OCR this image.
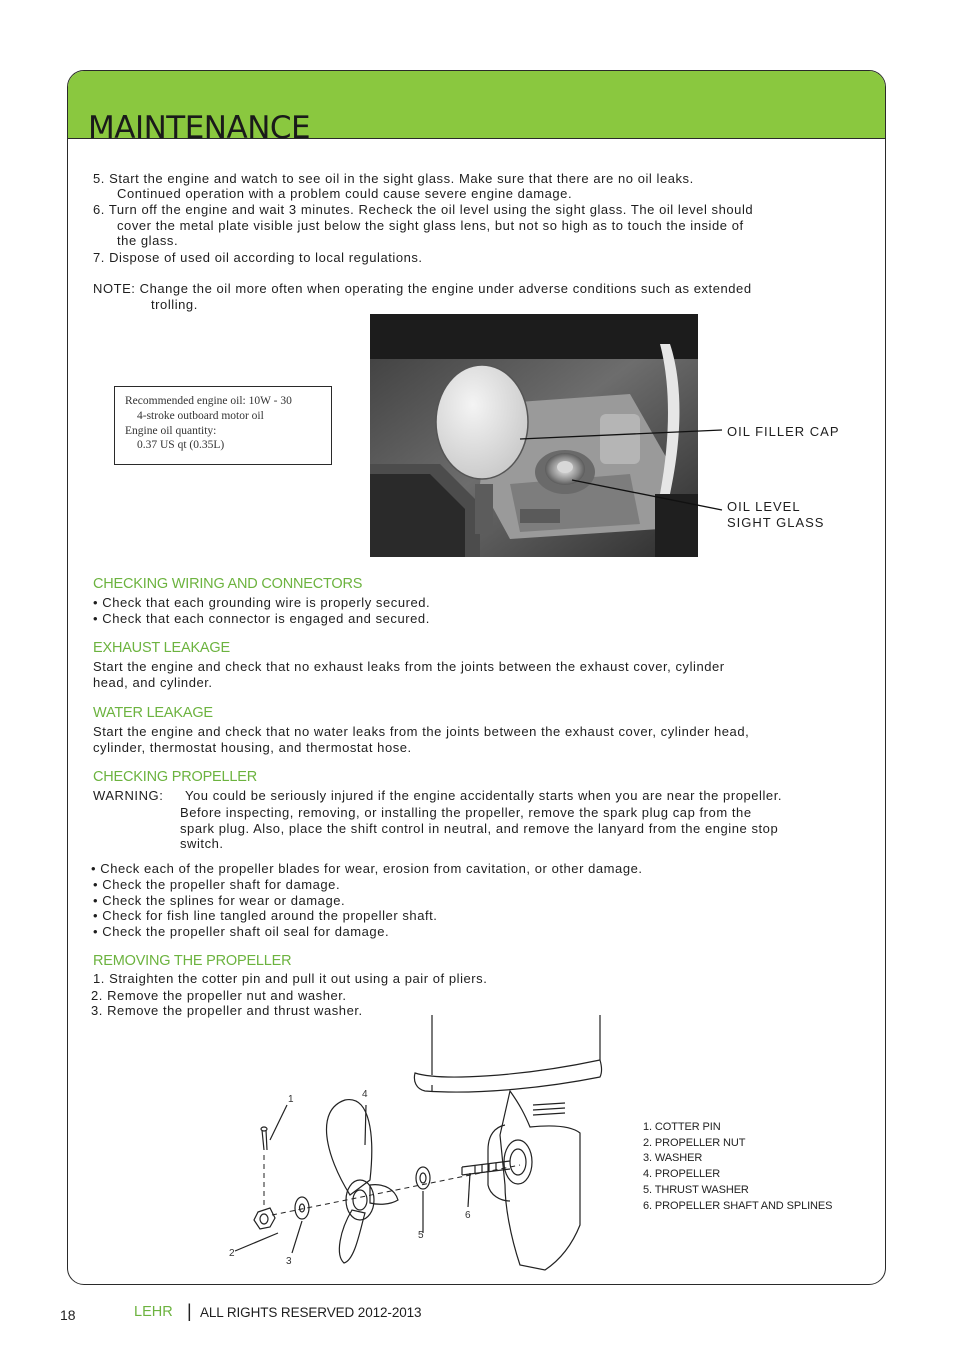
MAINTENANCE

5. Start the engine and watch to see oil in the sight glass. Make sure that there are no oil leaks.

Continued operation with a problem could cause severe engine damage.

6. Turn off the engine and wait 3 minutes. Recheck the oil level using the sight glass. The oil level should

cover the metal plate visible just below the sight glass lens, but not so high as to touch the inside of

the glass.

7. Dispose of used oil according to local regulations.

NOTE: Change the oil more often when operating the engine under adverse conditions such as extended

trolling.

Recommended engine oil: 10W - 30
4-stroke outboard motor oil
Engine oil quantity:
0.37 US qt (0.35L)
OIL FILLER CAP
OIL LEVEL
SIGHT GLASS
CHECKING WIRING AND CONNECTORS

• Check that each grounding wire is properly secured.

• Check that each connector is engaged and secured.

EXHAUST LEAKAGE

Start the engine and check that no exhaust leaks from the joints between the exhaust cover, cylinder

head, and cylinder.

WATER LEAKAGE

Start the engine and check that no water leaks from the joints between the exhaust cover, cylinder head,

cylinder, thermostat housing, and thermostat hose.

CHECKING PROPELLER

WARNING: You could be seriously injured if the engine accidentally starts when you are near the propeller.

Before inspecting, removing, or installing the propeller, remove the spark plug cap from the

spark plug. Also, place the shift control in neutral, and remove the lanyard from the engine stop

switch.

• Check each of the propeller blades for wear, erosion from cavitation, or other damage.

• Check the propeller shaft for damage.

• Check the splines for wear or damage.

• Check for fish line tangled around the propeller shaft.

• Check the propeller shaft oil seal for damage.

REMOVING THE PROPELLER

1. Straighten the cotter pin and pull it out using a pair of pliers.

2. Remove the propeller nut and washer.

3. Remove the propeller and thrust washer.

1
2
3
4
5
6
1. COTTER PIN
2. PROPELLER NUT
3. WASHER
4. PROPELLER
5. THRUST WASHER
6. PROPELLER SHAFT AND SPLINES
18	LEHR | ALL RIGHTS RESERVED 2012-2013
